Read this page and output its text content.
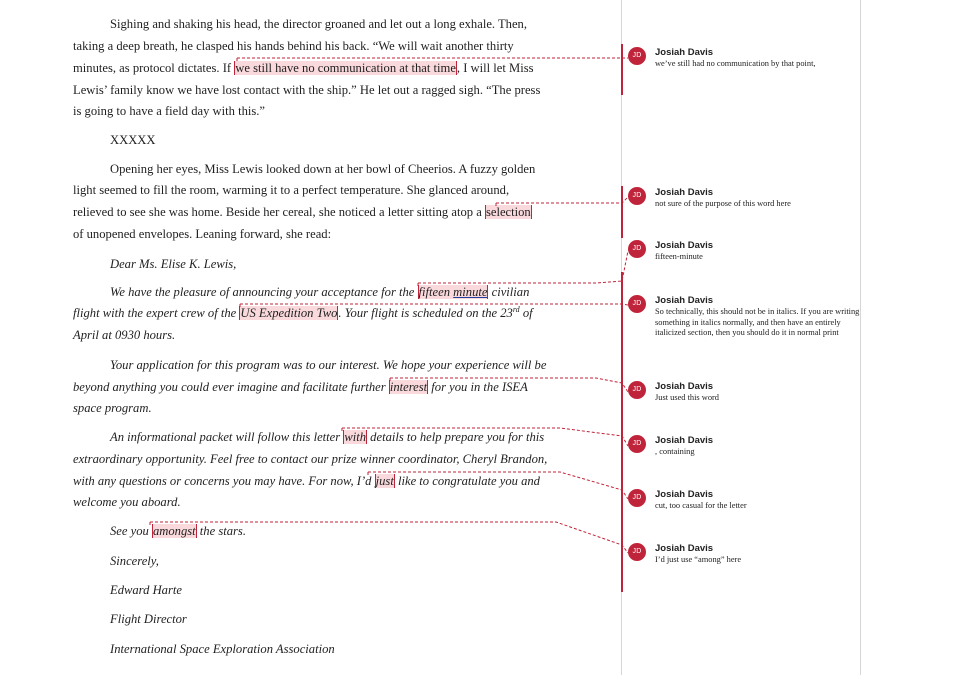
Sighing and shaking his head, the director groaned and let out a long exhale. Then,
taking a deep breath, he clasped his hands behind his back. “We will wait another thirty
minutes, as protocol dictates. If we still have no communication at that time, I will let Miss
Lewis’ family know we have lost contact with the ship.” He let out a ragged sigh. “The press
is going to have a field day with this.”
XXXXX
Opening her eyes, Miss Lewis looked down at her bowl of Cheerios. A fuzzy golden
light seemed to fill the room, warming it to a perfect temperature. She glanced around,
relieved to see she was home. Beside her cereal, she noticed a letter sitting atop a selection
of unopened envelopes. Leaning forward, she read:
Dear Ms. Elise K. Lewis,
We have the pleasure of announcing your acceptance for the fifteen minute civilian
flight with the expert crew of the US Expedition Two. Your flight is scheduled on the 23rd of
April at 0930 hours.
Your application for this program was to our interest. We hope your experience will be
beyond anything you could ever imagine and facilitate further interest for you in the ISEA
space program.
An informational packet will follow this letter with details to help prepare you for this
extraordinary opportunity. Feel free to contact our prize winner coordinator, Cheryl Brandon,
with any questions or concerns you may have. For now, I’d just like to congratulate you and
welcome you aboard.
See you amongst the stars.
Sincerely,
Edward Harte
Flight Director
International Space Exploration Association
JD	Josiah Davis
we’ve still had no communication by that point,
JD	Josiah Davis
not sure of the purpose of this word here
JD	Josiah Davis
fifteen-minute
JD	Josiah Davis
So technically, this should not be in italics. If you are writing something in italics normally, and then have an entirely italicized section, then you should do it in normal print
JD	Josiah Davis
Just used this word
JD	Josiah Davis
, containing
JD	Josiah Davis
cut, too casual for the letter
JD	Josiah Davis
I’d just use “among” here
